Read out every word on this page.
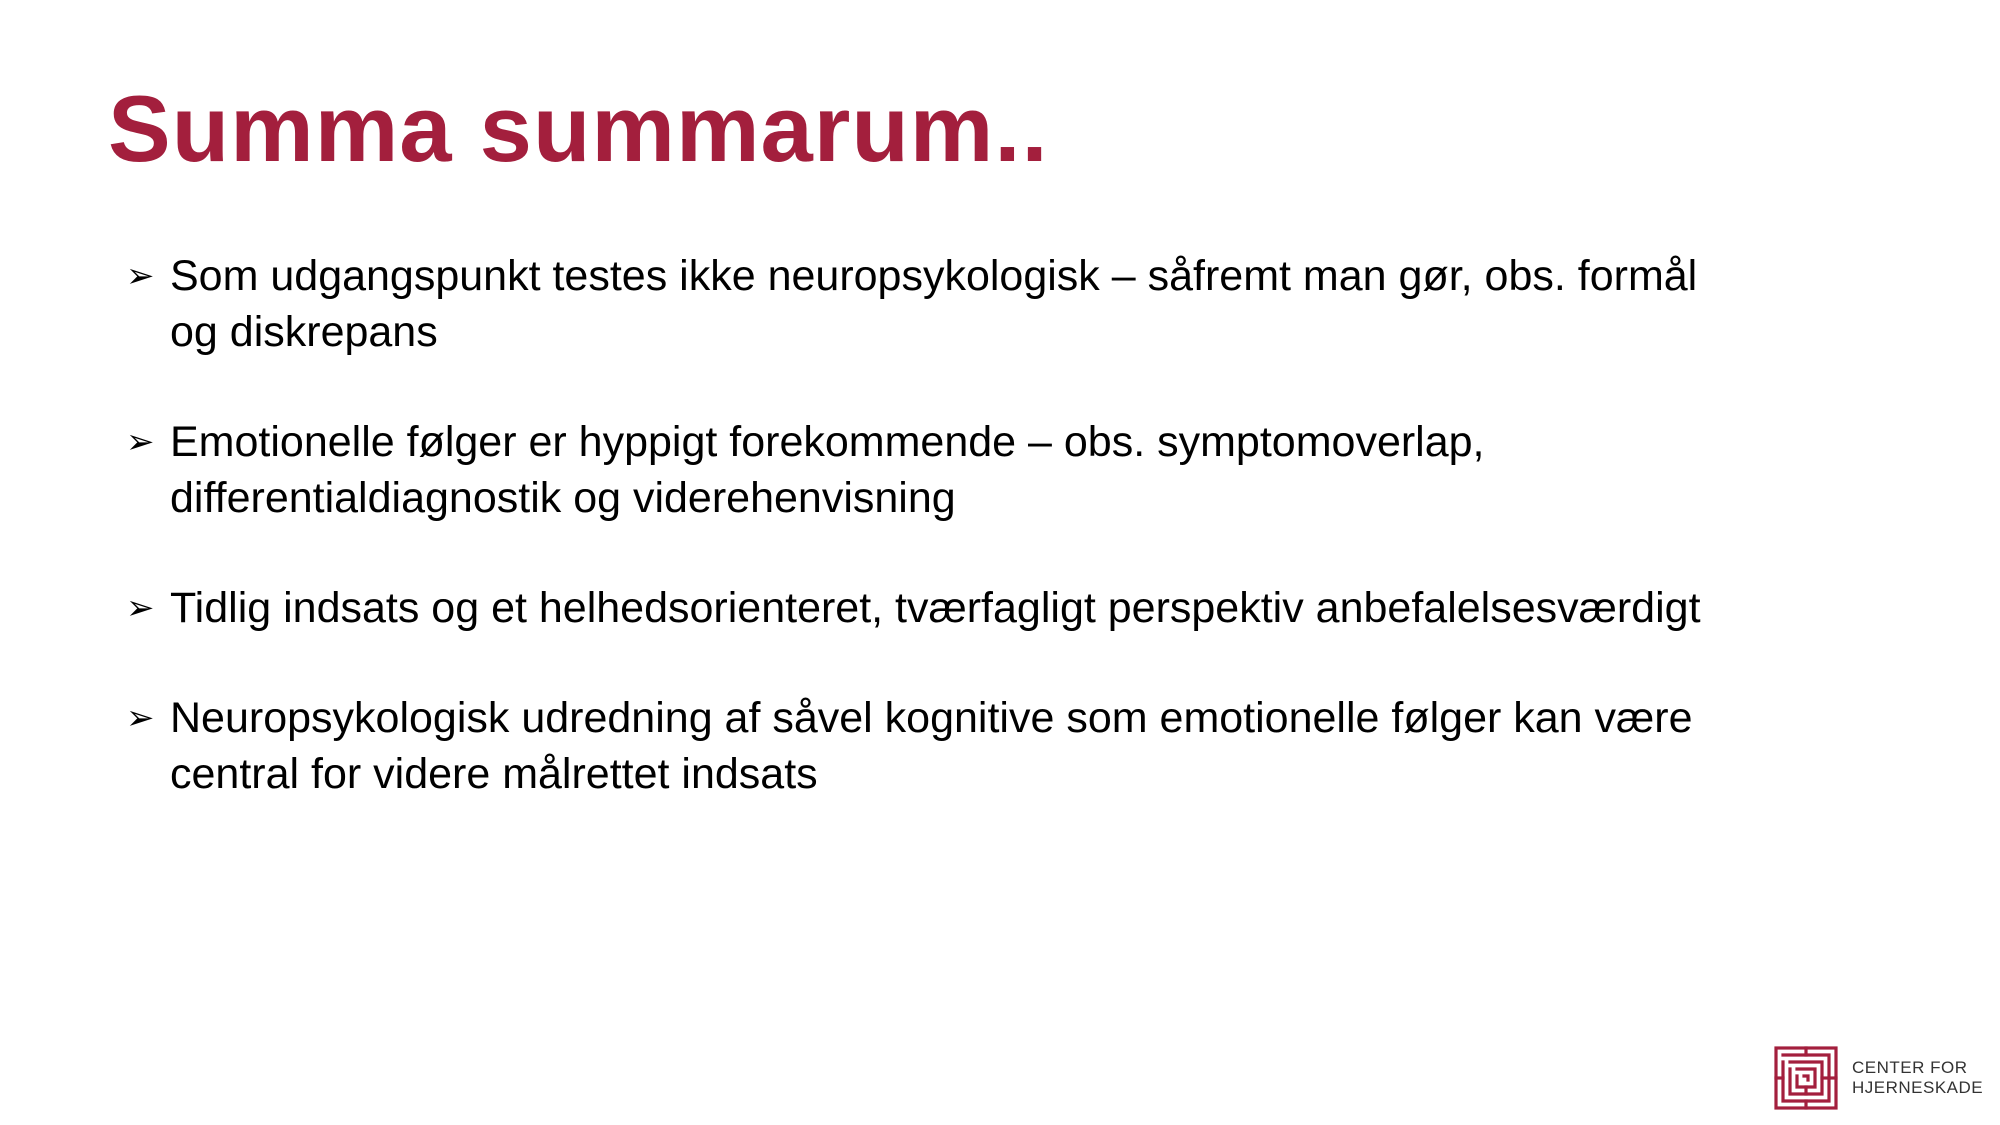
Summa summarum..
➢ Som udgangspunkt testes ikke neuropsykologisk – såfremt man gør, obs. formål
og diskrepans
➢ Emotionelle følger er hyppigt forekommende – obs. symptomoverlap,
differentialdiagnostik og viderehenvisning
➢ Tidlig indsats og et helhedsorienteret, tværfagligt perspektiv anbefalelsesværdigt
➢ Neuropsykologisk udredning af såvel kognitive som emotionelle følger kan være
central for videre målrettet indsats
CENTER FOR
HJERNESKADE
